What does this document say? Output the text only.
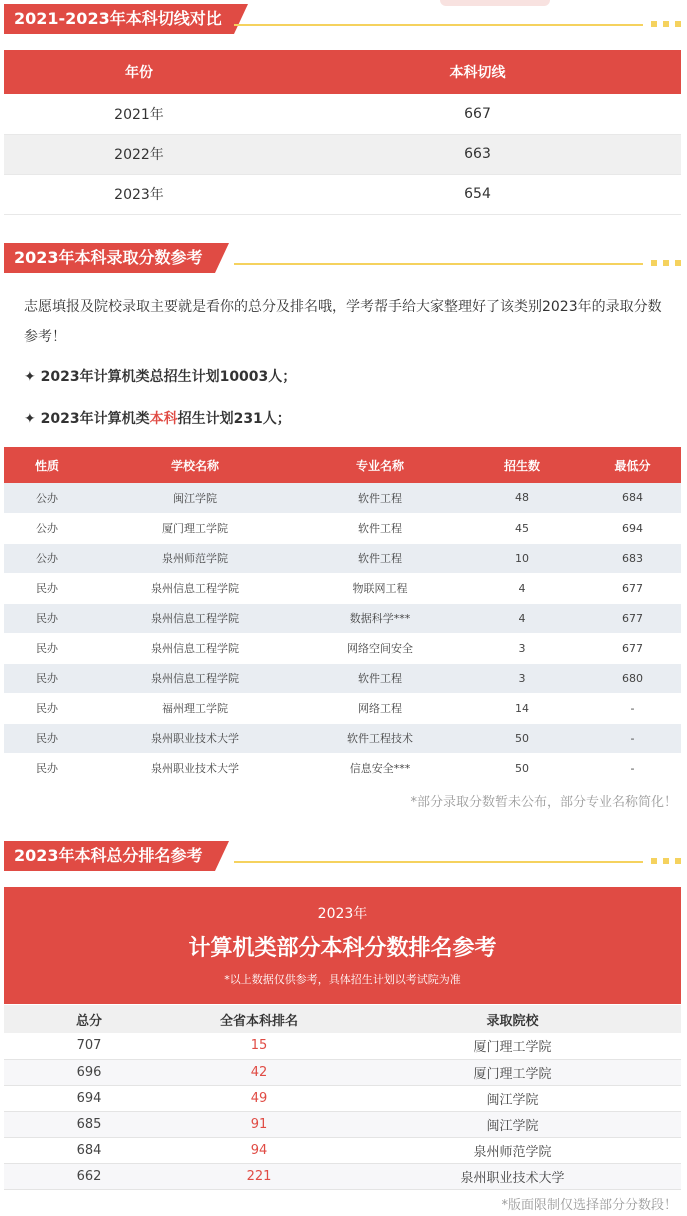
2021-2023年本科切线对比
年份	本科切线
2021年	667
2022年	663
2023年	654
2023年本科录取分数参考
志愿填报及院校录取主要就是看你的总分及排名哦，学考帮手给大家整理好了该类别2023年的录取分数参考！
✦ 2023年计算机类总招生计划10003人；
✦ 2023年计算机类本科招生计划231人；
性质	学校名称	专业名称	招生数	最低分
公办	闽江学院	软件工程	48	684
公办	厦门理工学院	软件工程	45	694
公办	泉州师范学院	软件工程	10	683
民办	泉州信息工程学院	物联网工程	4	677
民办	泉州信息工程学院	数据科学***	4	677
民办	泉州信息工程学院	网络空间安全	3	677
民办	泉州信息工程学院	软件工程	3	680
民办	福州理工学院	网络工程	14	-
民办	泉州职业技术大学	软件工程技术	50	-
民办	泉州职业技术大学	信息安全***	50	-
*部分录取分数暂未公布，部分专业名称简化！
2023年本科总分排名参考
2023年
计算机类部分本科分数排名参考
*以上数据仅供参考，具体招生计划以考试院为准
总分	全省本科排名	录取院校
707	15	厦门理工学院
696	42	厦门理工学院
694	49	闽江学院
685	91	闽江学院
684	94	泉州师范学院
662	221	泉州职业技术大学
*版面限制仅选择部分分数段！
